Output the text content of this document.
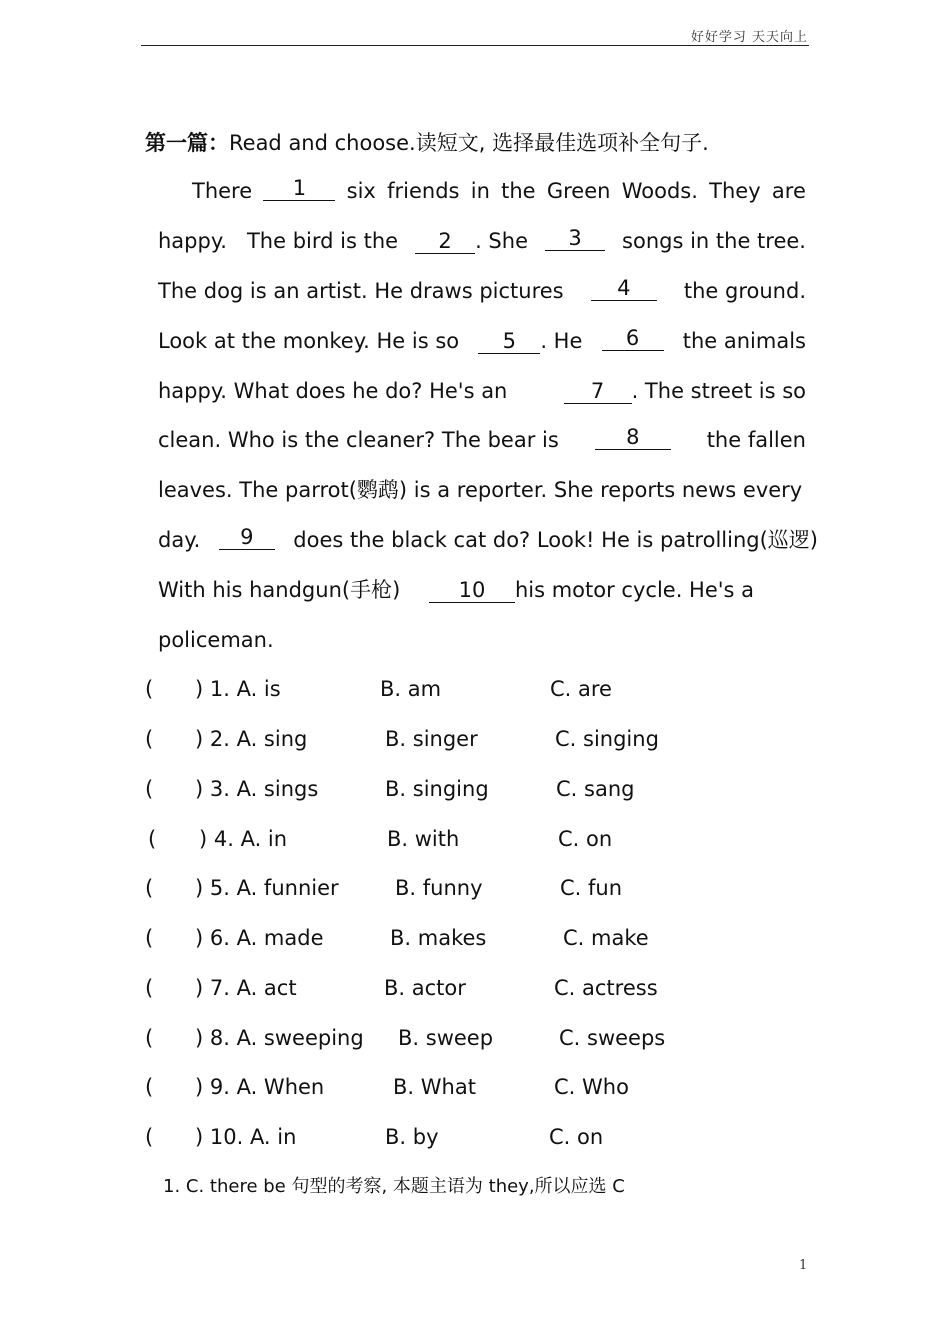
好好学习 天天向上
第一篇：Read and choose.读短文, 选择最佳选项补全句子.
There	1	six friends in the Green Woods. They are
happy.   The bird is the	2 . She	3	songs in the tree.
The dog is an artist. He draws pictures	4	the ground.
Look at the monkey. He is so	5 . He	6	the animals
happy. What does he do? He's an	7 . The street is so
clean. Who is the cleaner? The bear is	8	the fallen
leaves. The parrot(鹦鹉) is a reporter. She reports news every
day.	9	does the black cat do? Look! He is patrolling(巡逻)
With his handgun(手枪)	10 his motor cycle. He's a
policeman.
( ) 1. A. is	B. am	C. are
( ) 2. A. sing	B. singer	C. singing
( ) 3. A. sings	B. singing	C. sang
( ) 4. A. in	B. with	C. on
( ) 5. A. funnier	B. funny	C. fun
( ) 6. A. made	B. makes	C. make
( ) 7. A. act	B. actor	C. actress
( ) 8. A. sweeping B. sweep	C. sweeps
( ) 9. A. When	B. What	C. Who
( ) 10. A. in	B. by	C. on
1. C. there be 句型的考察, 本题主语为 they,所以应选 C
1
